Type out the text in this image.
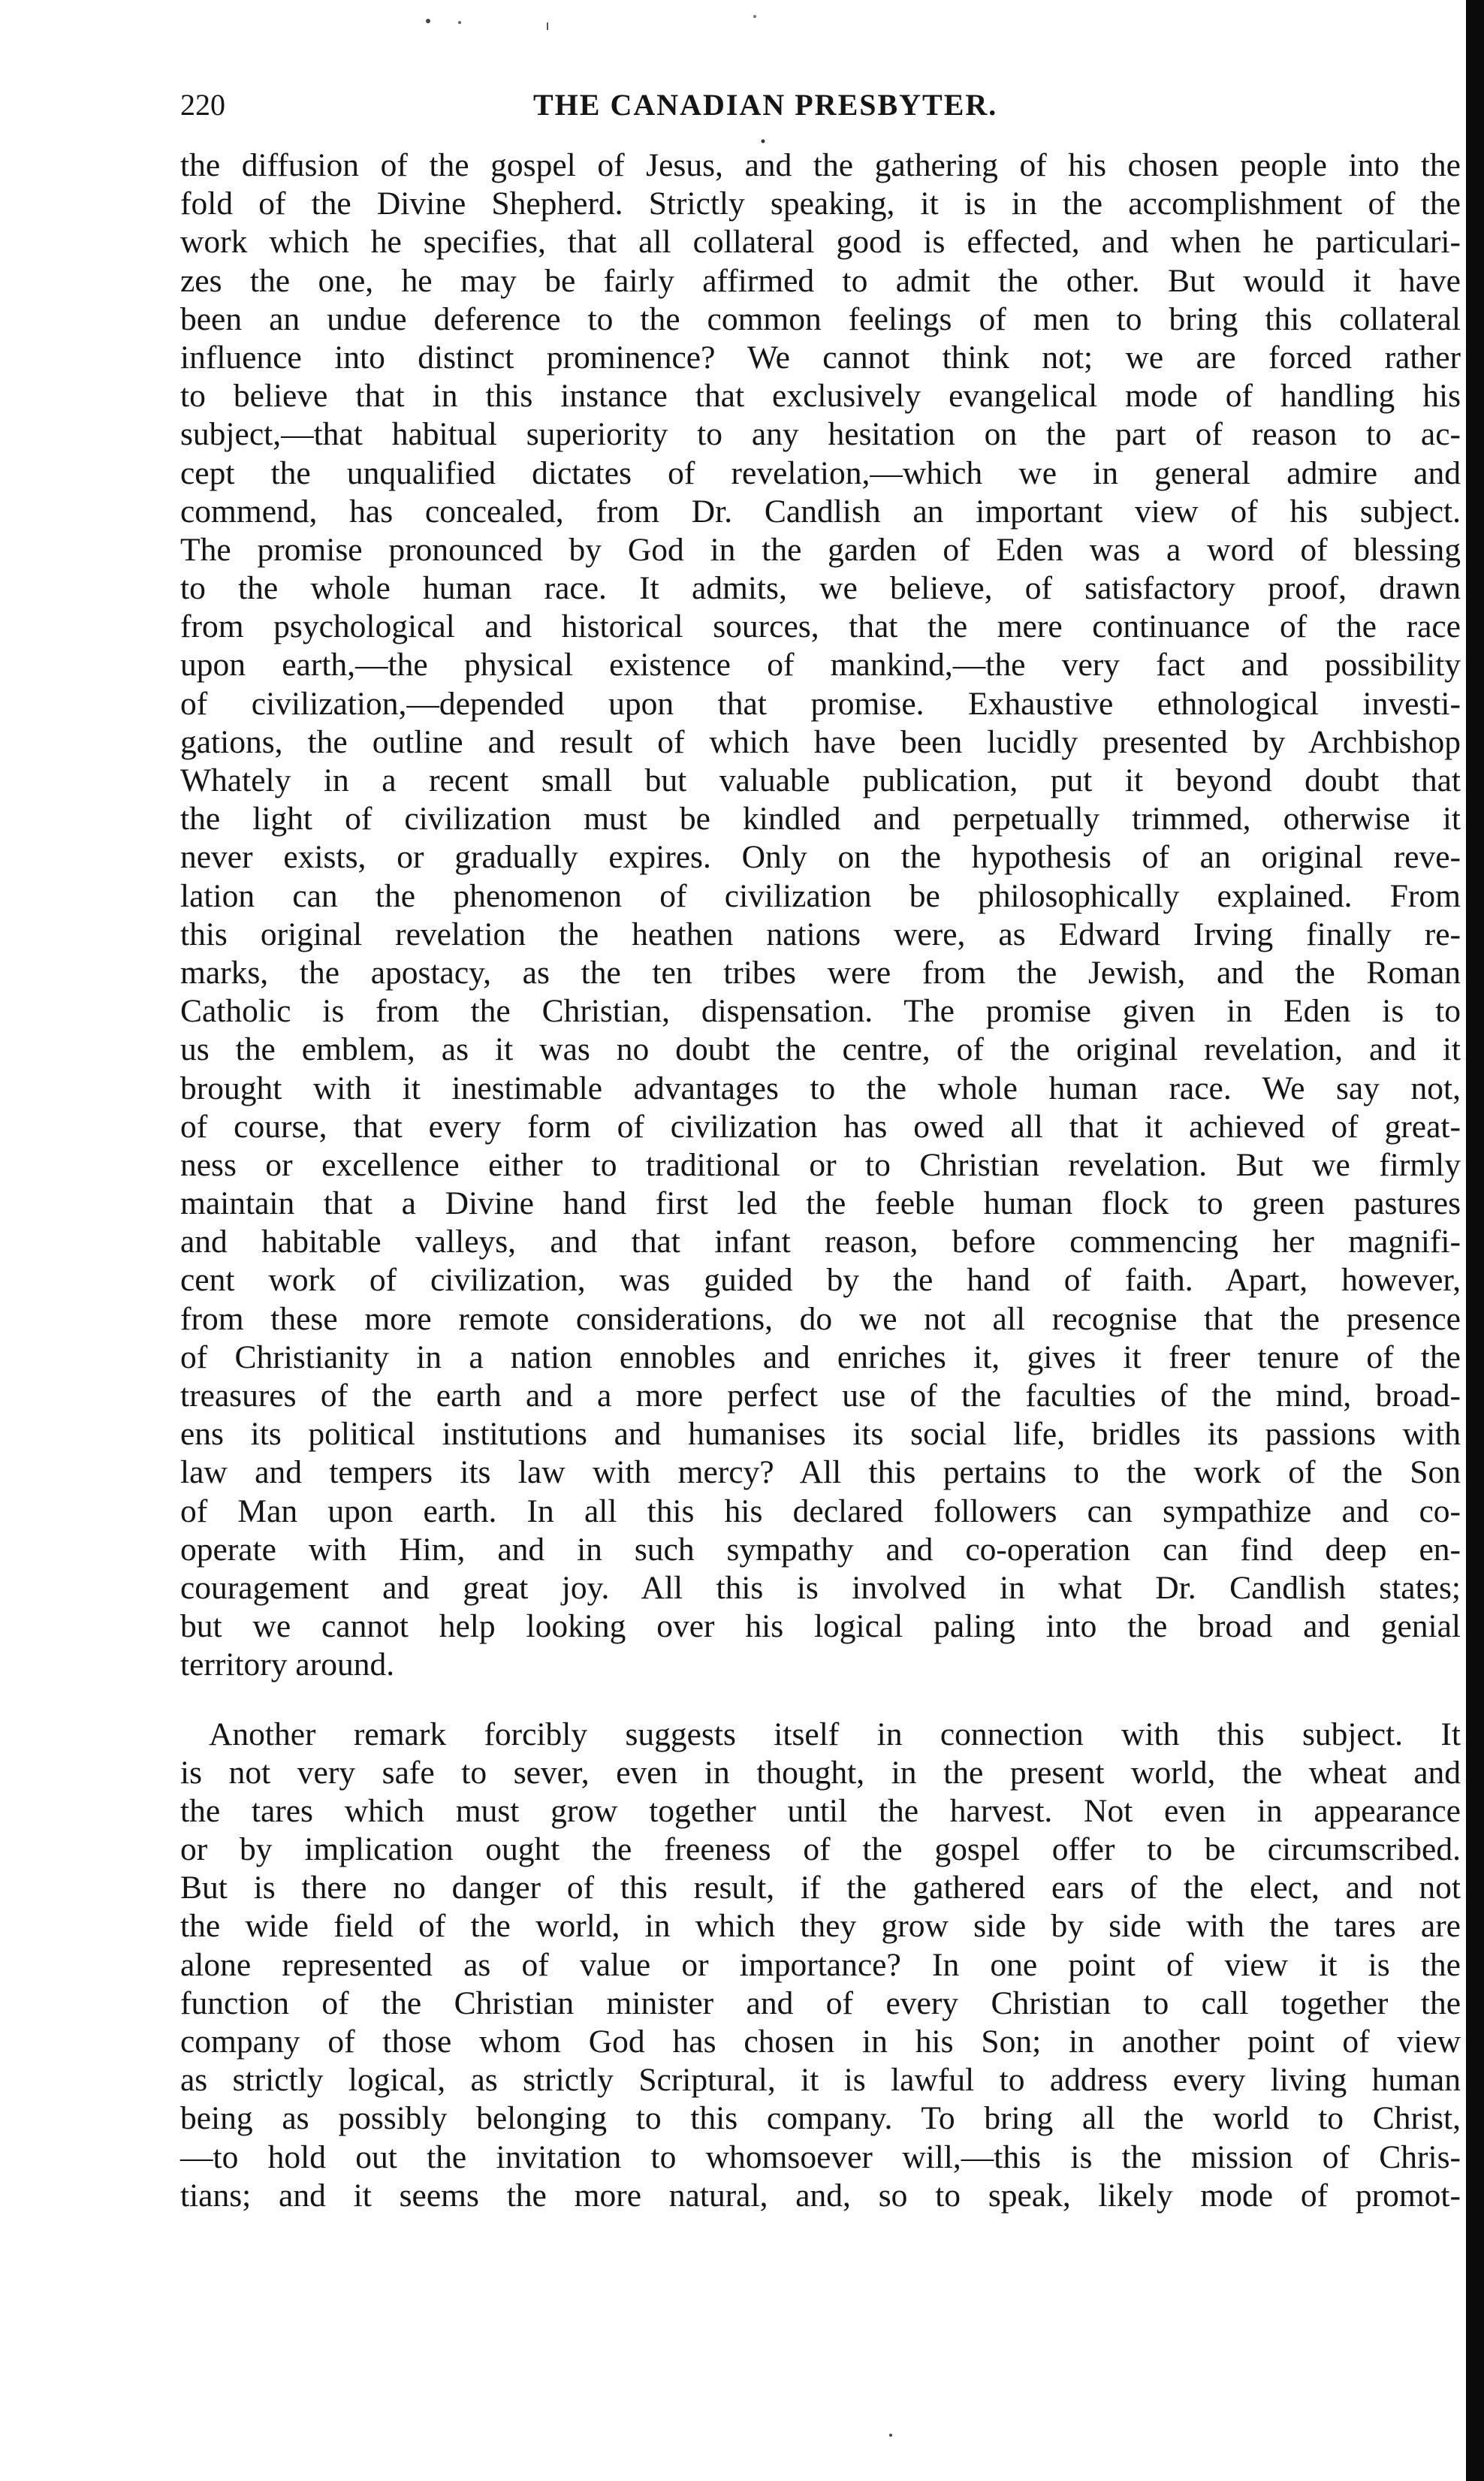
220	THE CANADIAN PRESBYTER.
the diffusion of the gospel of Jesus, and the gathering of his chosen people into the
fold of the Divine Shepherd. Strictly speaking, it is in the accomplishment of the
work which he specifies, that all collateral good is effected, and when he particulari-
zes the one, he may be fairly affirmed to admit the other. But would it have
been an undue deference to the common feelings of men to bring this collateral
influence into distinct prominence? We cannot think not; we are forced rather
to believe that in this instance that exclusively evangelical mode of handling his
subject,—that habitual superiority to any hesitation on the part of reason to ac-
cept the unqualified dictates of revelation,—which we in general admire and
commend, has concealed, from Dr. Candlish an important view of his subject.
The promise pronounced by God in the garden of Eden was a word of blessing
to the whole human race. It admits, we believe, of satisfactory proof, drawn
from psychological and historical sources, that the mere continuance of the race
upon earth,—the physical existence of mankind,—the very fact and possibility
of civilization,—depended upon that promise. Exhaustive ethnological investi-
gations, the outline and result of which have been lucidly presented by Archbishop
Whately in a recent small but valuable publication, put it beyond doubt that
the light of civilization must be kindled and perpetually trimmed, otherwise it
never exists, or gradually expires. Only on the hypothesis of an original reve-
lation can the phenomenon of civilization be philosophically explained. From
this original revelation the heathen nations were, as Edward Irving finally re-
marks, the apostacy, as the ten tribes were from the Jewish, and the Roman
Catholic is from the Christian, dispensation. The promise given in Eden is to
us the emblem, as it was no doubt the centre, of the original revelation, and it
brought with it inestimable advantages to the whole human race. We say not,
of course, that every form of civilization has owed all that it achieved of great-
ness or excellence either to traditional or to Christian revelation. But we firmly
maintain that a Divine hand first led the feeble human flock to green pastures
and habitable valleys, and that infant reason, before commencing her magnifi-
cent work of civilization, was guided by the hand of faith. Apart, however,
from these more remote considerations, do we not all recognise that the presence
of Christianity in a nation ennobles and enriches it, gives it freer tenure of the
treasures of the earth and a more perfect use of the faculties of the mind, broad-
ens its political institutions and humanises its social life, bridles its passions with
law and tempers its law with mercy? All this pertains to the work of the Son
of Man upon earth. In all this his declared followers can sympathize and co-
operate with Him, and in such sympathy and co-operation can find deep en-
couragement and great joy. All this is involved in what Dr. Candlish states;
but we cannot help looking over his logical paling into the broad and genial
territory around.
Another remark forcibly suggests itself in connection with this subject. It
is not very safe to sever, even in thought, in the present world, the wheat and
the tares which must grow together until the harvest. Not even in appearance
or by implication ought the freeness of the gospel offer to be circumscribed.
But is there no danger of this result, if the gathered ears of the elect, and not
the wide field of the world, in which they grow side by side with the tares are
alone represented as of value or importance? In one point of view it is the
function of the Christian minister and of every Christian to call together the
company of those whom God has chosen in his Son; in another point of view
as strictly logical, as strictly Scriptural, it is lawful to address every living human
being as possibly belonging to this company. To bring all the world to Christ,
—to hold out the invitation to whomsoever will,—this is the mission of Chris-
tians; and it seems the more natural, and, so to speak, likely mode of promot-
